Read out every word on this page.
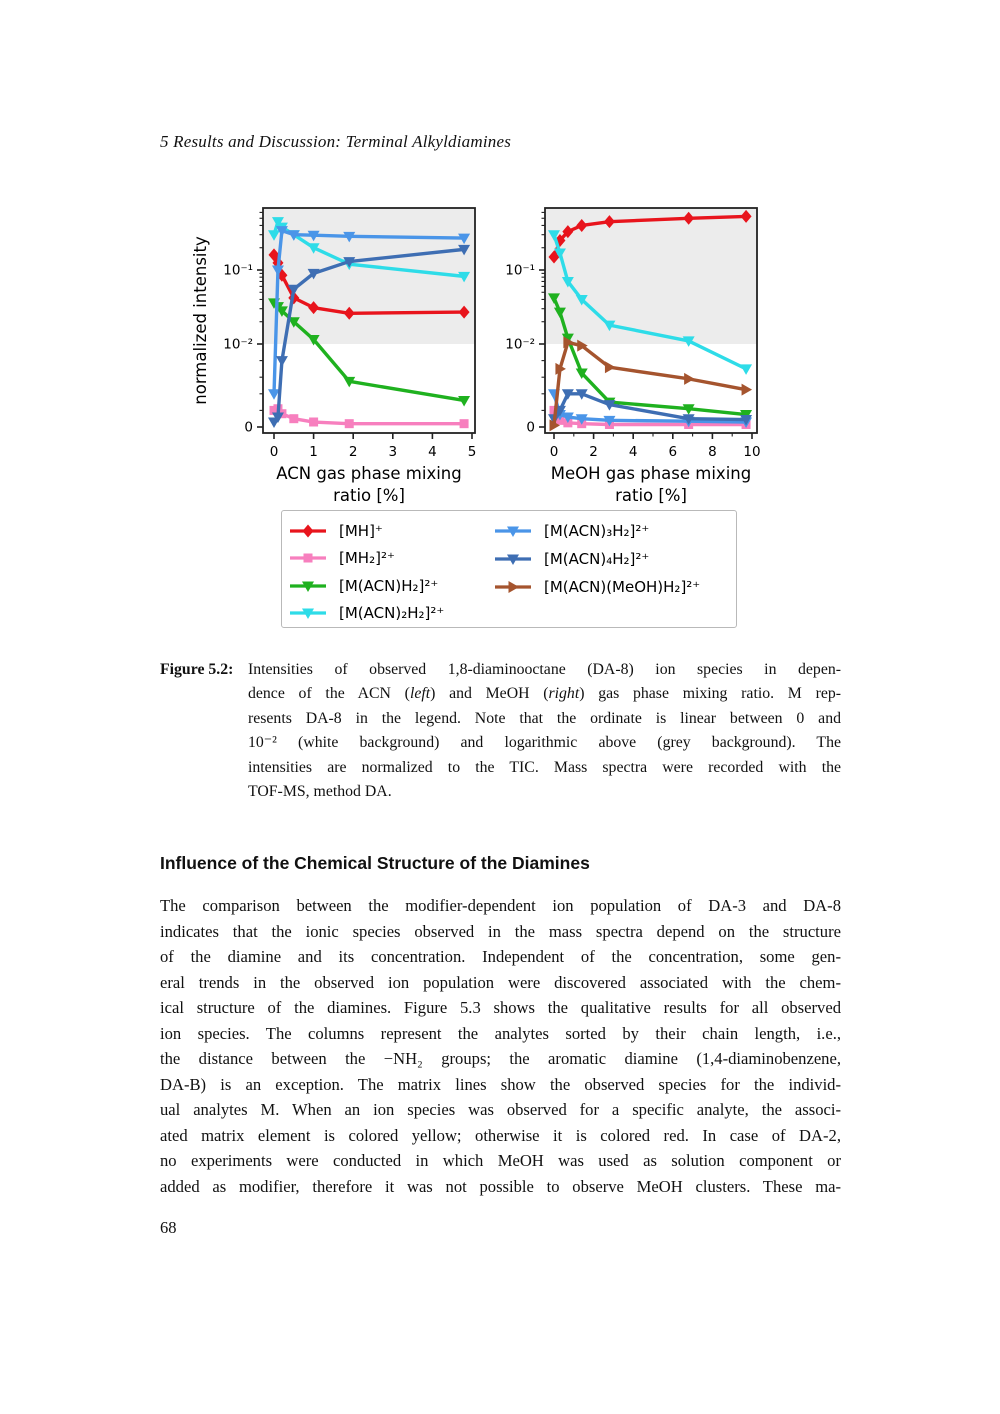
5 Results and Discussion: Terminal Alkyldiamines
10⁻¹
10⁻²
0
0 1 2 3 4 5
ACN gas phase mixing
ratio [%]
normalized intensity	10⁻¹
10⁻²
0
0 2 4 6 8 10
MeOH gas phase mixing
ratio [%]
[MH]⁺
[MH₂]²⁺
[M(ACN)H₂]²⁺
[M(ACN)₂H₂]²⁺
[M(ACN)₃H₂]²⁺
[M(ACN)₄H₂]²⁺
[M(ACN)(MeOH)H₂]²⁺
Figure 5.2: Intensities of observed 1,8-diaminooctane (DA-8) ion species in depen-
dence of the ACN (left) and MeOH (right) gas phase mixing ratio. M rep-
resents DA-8 in the legend. Note that the ordinate is linear between 0 and
10⁻² (white background) and logarithmic above (grey background). The
intensities are normalized to the TIC. Mass spectra were recorded with the
TOF-MS, method DA.
Influence of the Chemical Structure of the Diamines
The comparison between the modifier-dependent ion population of DA-3 and DA-8
indicates that the ionic species observed in the mass spectra depend on the structure
of the diamine and its concentration. Independent of the concentration, some gen-
eral trends in the observed ion population were discovered associated with the chem-
ical structure of the diamines. Figure 5.3 shows the qualitative results for all observed
ion species. The columns represent the analytes sorted by their chain length, i.e.,
the distance between the −NH₂ groups; the aromatic diamine (1,4-diaminobenzene,
DA-B) is an exception. The matrix lines show the observed species for the individ-
ual analytes M. When an ion species was observed for a specific analyte, the associ-
ated matrix element is colored yellow; otherwise it is colored red. In case of DA-2,
no experiments were conducted in which MeOH was used as solution component or
added as modifier, therefore it was not possible to observe MeOH clusters. These ma-
68
